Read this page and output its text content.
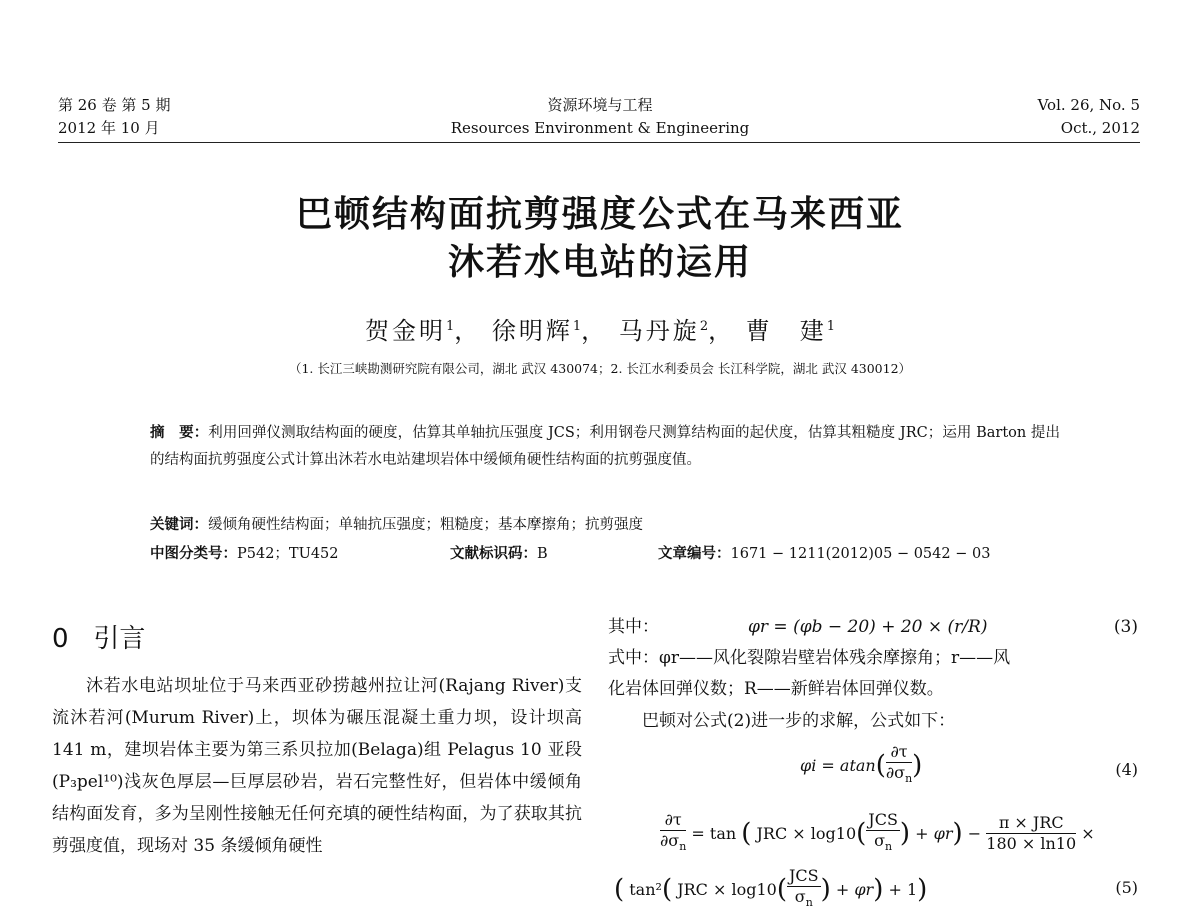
第 26 卷 第 5 期
2012 年 10 月
资源环境与工程
Resources Environment & Engineering
Vol. 26, No. 5
Oct., 2012
巴顿结构面抗剪强度公式在马来西亚
沐若水电站的运用
贺金明$^1$， 徐明辉$^1$， 马丹旋$^2$， 曹　建$^1$
（1. 长江三峡勘测研究院有限公司，湖北 武汉 430074；2. 长江水利委员会 长江科学院，湖北 武汉 430012）
摘　要：利用回弹仪测取结构面的硬度，估算其单轴抗压强度 JCS；利用钢卷尺测算结构面的起伏度，估算其粗糙度 JRC；运用 Barton 提出的结构面抗剪强度公式计算出沐若水电站建坝岩体中缓倾角硬性结构面的抗剪强度值。
关键词：缓倾角硬性结构面；单轴抗压强度；粗糙度；基本摩擦角；抗剪强度
中图分类号：P542；TU452	文献标识码：B	文章编号：1671 − 1211(2012)05 − 0542 − 03
0 引言

沐若水电站坝址位于马来西亚砂捞越州拉让河(Rajang River)支流沐若河(Murum River)上，坝体为碾压混凝土重力坝，设计坝高 141 m，建坝岩体主要为第三系贝拉加(Belaga)组 Pelagus 10 亚段(P₃pel¹⁰)浅灰色厚层—巨厚层砂岩，岩石完整性好，但岩体中缓倾角结构面发育，多为呈刚性接触无任何充填的硬性结构面，为了获取其抗剪强度值，现场对 35 条缓倾角硬性

其中：	φr = (φb − 20) + 20 × (r/R)	(3)
式中：φr——风化裂隙岩壁岩体残余摩擦角；r——风
化岩体回弹仪数；R——新鲜岩体回弹仪数。
巴顿对公式(2)进一步的求解，公式如下：
$\varphi i = atan( \frac{\partial\tau}{\partial\sigma_n}$ )	(4)
$\frac{\partial\tau}{\partial\sigma_n} = \tan$ ( JRC × $\log 10( \frac{\text{JCS}}{\sigma_n}$ ) + $\varphi r) - \frac{\text{π × JRC}}{180 \times \ln 10}$ ×
( tan²( JRC × $\log 10( \frac{\text{JCS}}{\sigma_n}$ ) + φr) + 1)	(5)
